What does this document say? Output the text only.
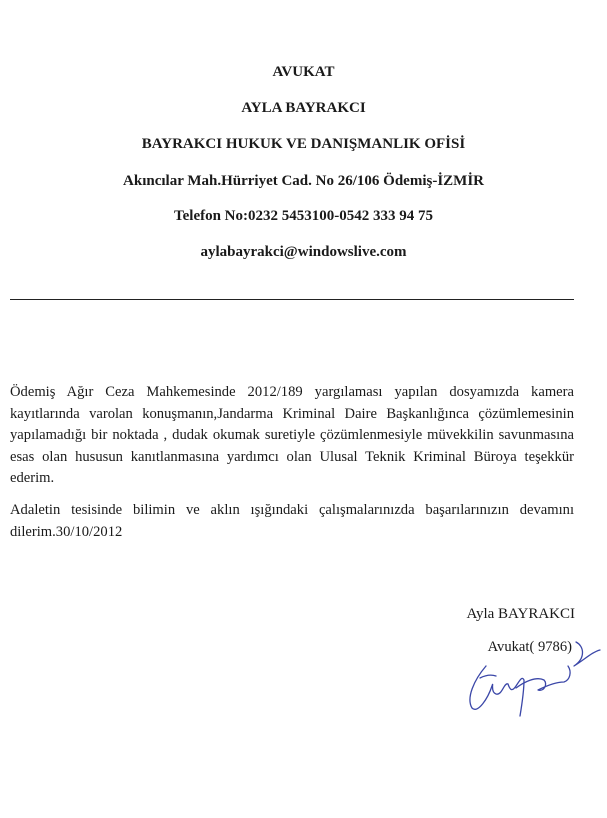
AVUKAT
AYLA BAYRAKCI
BAYRAKCI HUKUK VE DANIŞMANLIK OFİSİ
Akıncılar Mah.Hürriyet Cad. No 26/106 Ödemiş-İZMİR
Telefon No:0232 5453100-0542 333 94 75
aylabayrakci@windowslive.com

Ödemiş Ağır Ceza Mahkemesinde 2012/189 yargılaması yapılan dosyamızda kamera kayıtlarında varolan konuşmanın,Jandarma Kriminal Daire Başkanlığınca çözümlemesinin yapılamadığı bir noktada , dudak okumak suretiyle çözümlenmesiyle müvekkilin savunmasına esas olan hususun kanıtlanmasına yardımcı olan Ulusal Teknik Kriminal Büroya teşekkür ederim.

Adaletin tesisinde bilimin ve aklın ışığındaki çalışmalarınızda başarılarınızın devamını dilerim.30/10/2012

Ayla BAYRAKCI
Avukat( 9786)
